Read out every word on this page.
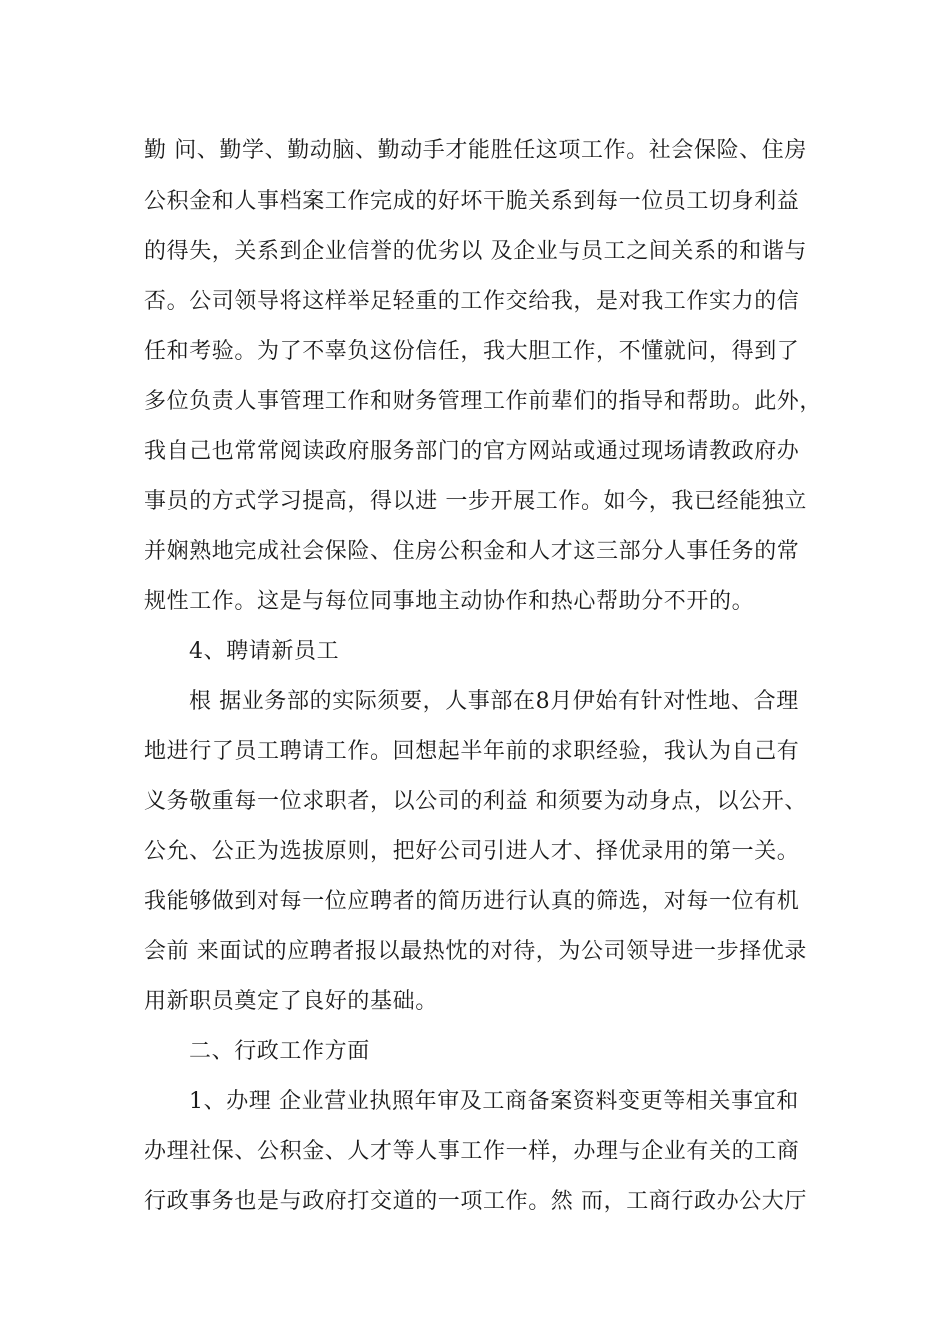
勤 问、勤学、勤动脑、勤动手才能胜任这项工作。社会保险、住房

公积金和人事档案工作完成的好坏干脆关系到每一位员工切身利益

的得失，关系到企业信誉的优劣以 及企业与员工之间关系的和谐与

否。公司领导将这样举足轻重的工作交给我，是对我工作实力的信

任和考验。为了不辜负这份信任，我大胆工作，不懂就问，得到了

多位负责人事管理工作和财务管理工作前辈们的指导和帮助。此外，

我自己也常常阅读政府服务部门的官方网站或通过现场请教政府办

事员的方式学习提高，得以进 一步开展工作。如今，我已经能独立

并娴熟地完成社会保险、住房公积金和人才这三部分人事任务的常

规性工作。这是与每位同事地主动协作和热心帮助分不开的。

4、聘请新员工

根 据业务部的实际须要，人事部在8月伊始有针对性地、合理

地进行了员工聘请工作。回想起半年前的求职经验，我认为自己有

义务敬重每一位求职者，以公司的利益 和须要为动身点，以公开、

公允、公正为选拔原则，把好公司引进人才、择优录用的第一关。

我能够做到对每一位应聘者的简历进行认真的筛选，对每一位有机

会前 来面试的应聘者报以最热忱的对待，为公司领导进一步择优录

用新职员奠定了良好的基础。

二、行政工作方面

1、办理 企业营业执照年审及工商备案资料变更等相关事宜和

办理社保、公积金、人才等人事工作一样，办理与企业有关的工商

行政事务也是与政府打交道的一项工作。然 而，工商行政办公大厅
